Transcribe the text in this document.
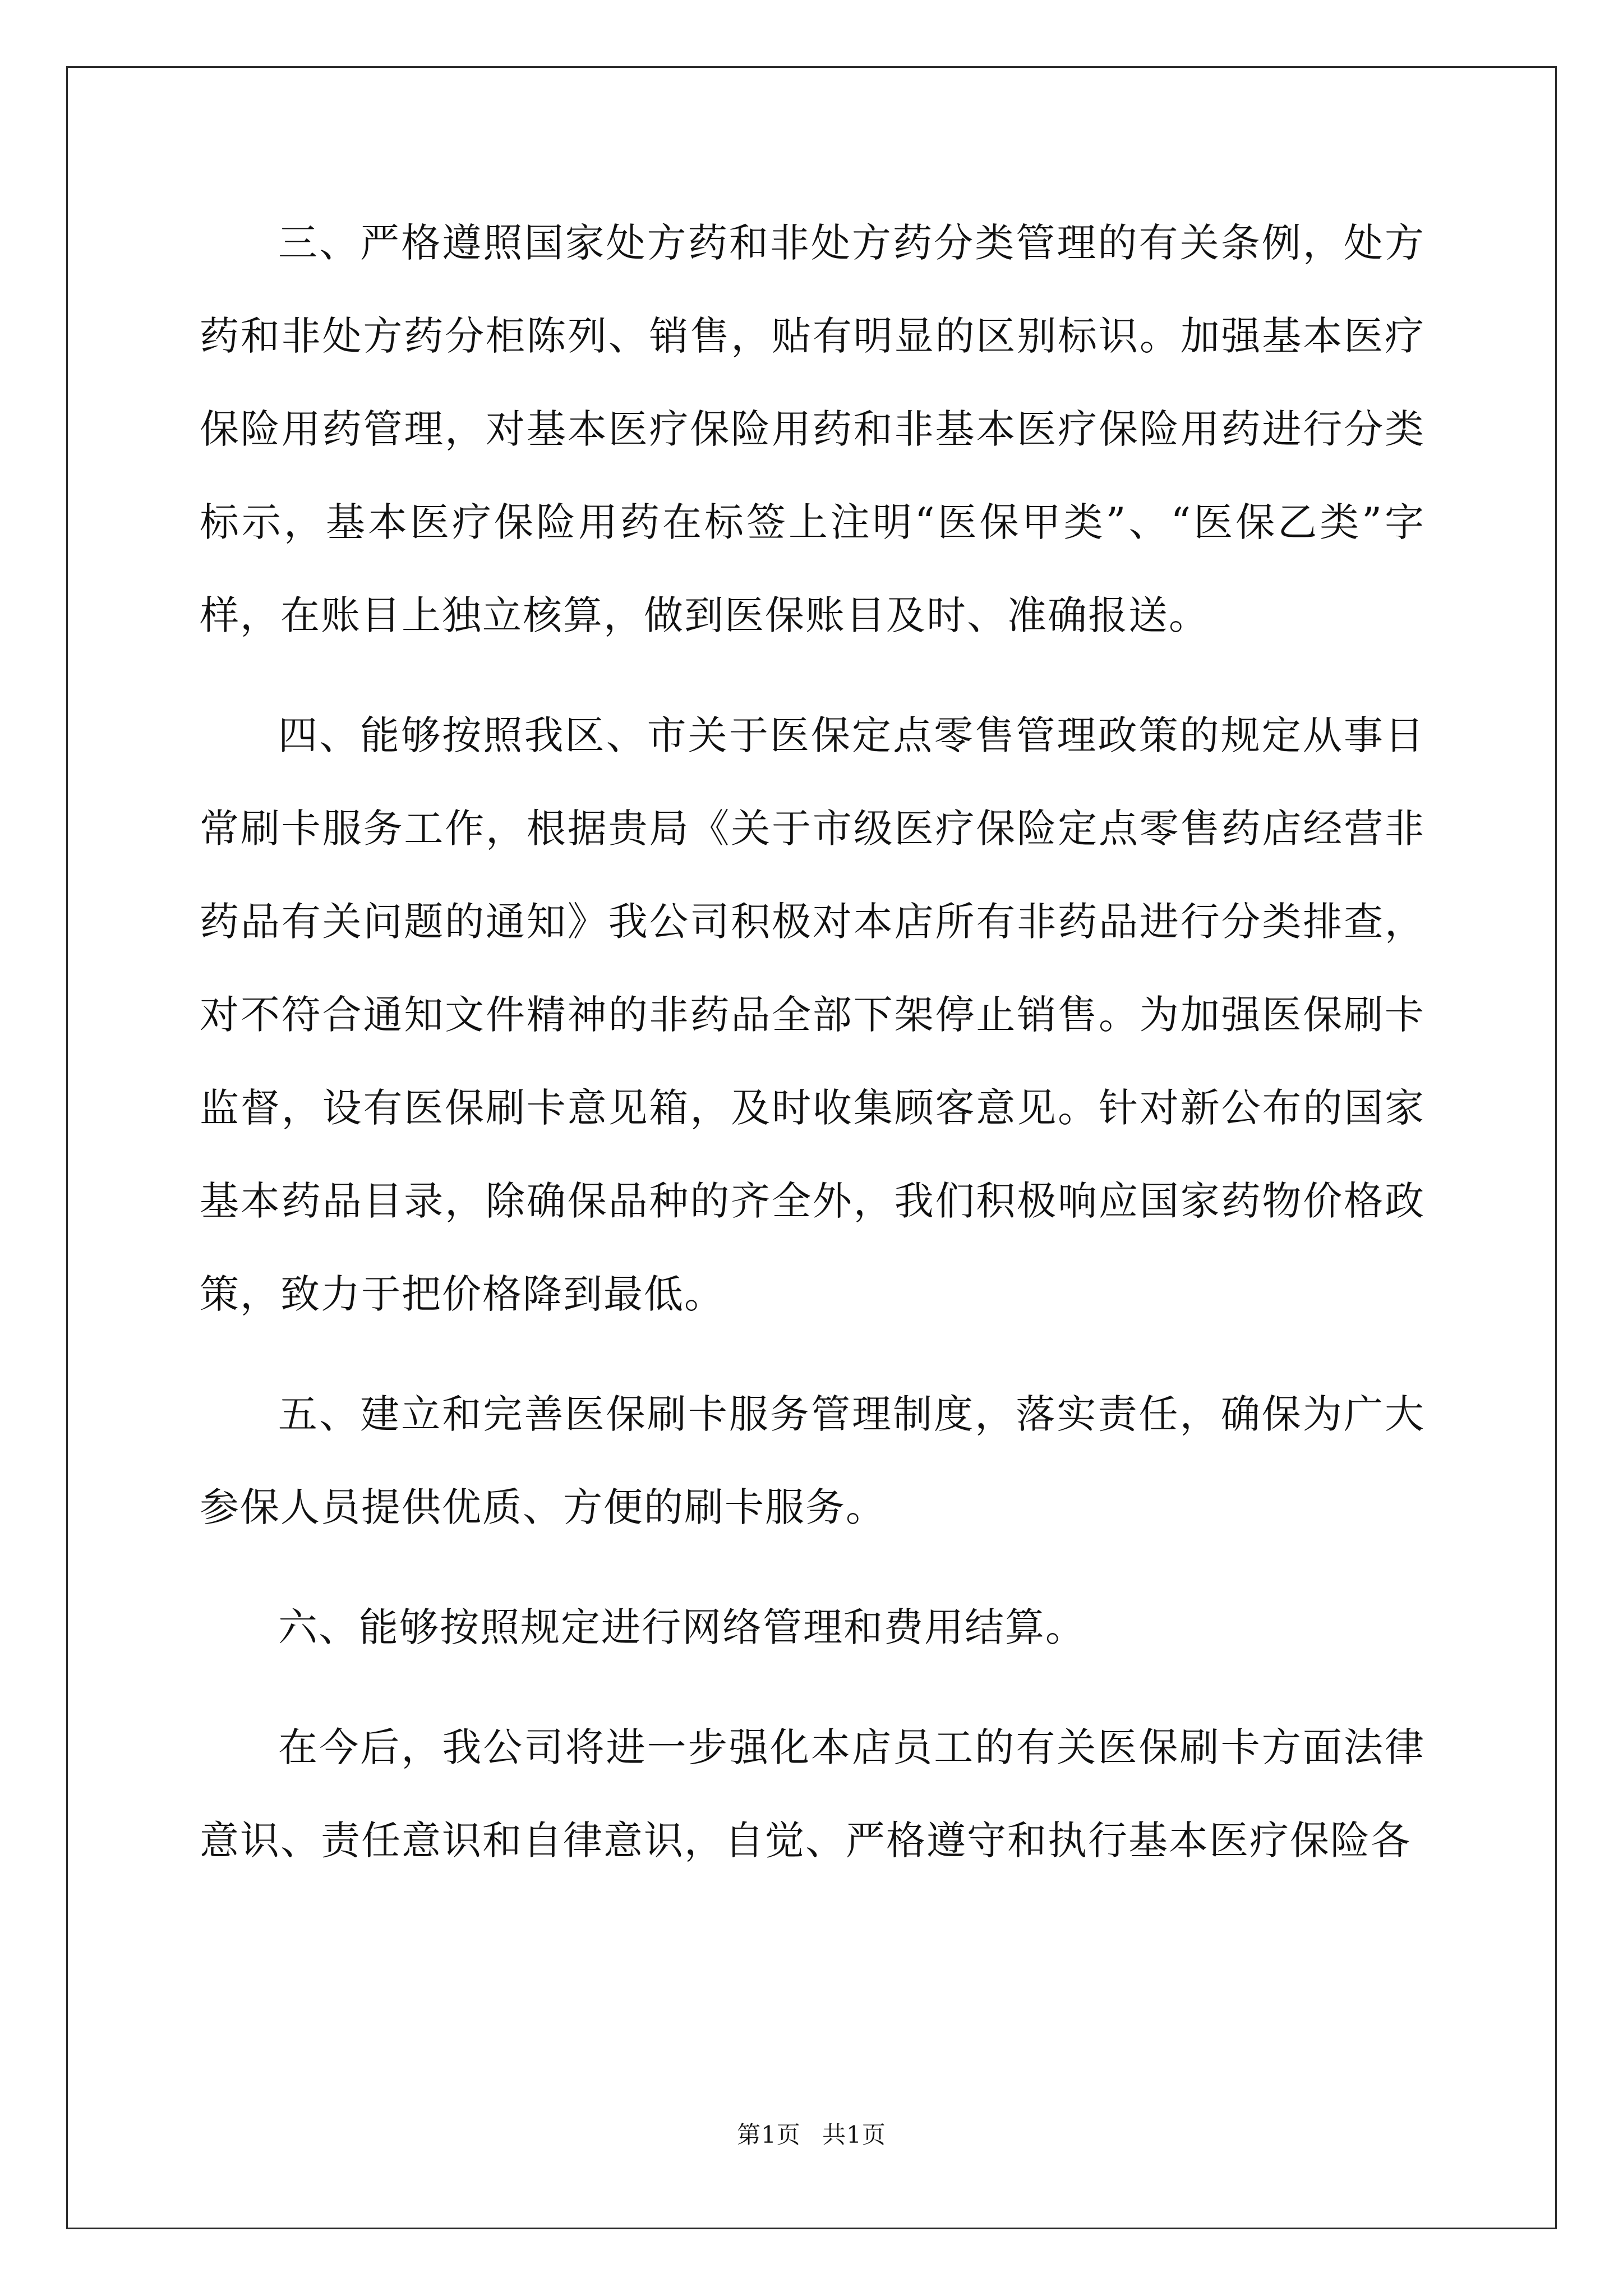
三、严格遵照国家处方药和非处方药分类管理的有关条例，处方药和非处方药分柜陈列、销售，贴有明显的区别标识。加强基本医疗保险用药管理，对基本医疗保险用药和非基本医疗保险用药进行分类标示，基本医疗保险用药在标签上注明“医保甲类”、“医保乙类”字样，在账目上独立核算，做到医保账目及时、准确报送。

四、能够按照我区、市关于医保定点零售管理政策的规定从事日常刷卡服务工作，根据贵局《关于市级医疗保险定点零售药店经营非药品有关问题的通知》我公司积极对本店所有非药品进行分类排查，对不符合通知文件精神的非药品全部下架停止销售。为加强医保刷卡监督，设有医保刷卡意见箱，及时收集顾客意见。针对新公布的国家基本药品目录，除确保品种的齐全外，我们积极响应国家药物价格政策，致力于把价格降到最低。

五、建立和完善医保刷卡服务管理制度，落实责任，确保为广大参保人员提供优质、方便的刷卡服务。

六、能够按照规定进行网络管理和费用结算。

在今后，我公司将进一步强化本店员工的有关医保刷卡方面法律意识、责任意识和自律意识，自觉、严格遵守和执行基本医疗保险各

第1页 共1页
